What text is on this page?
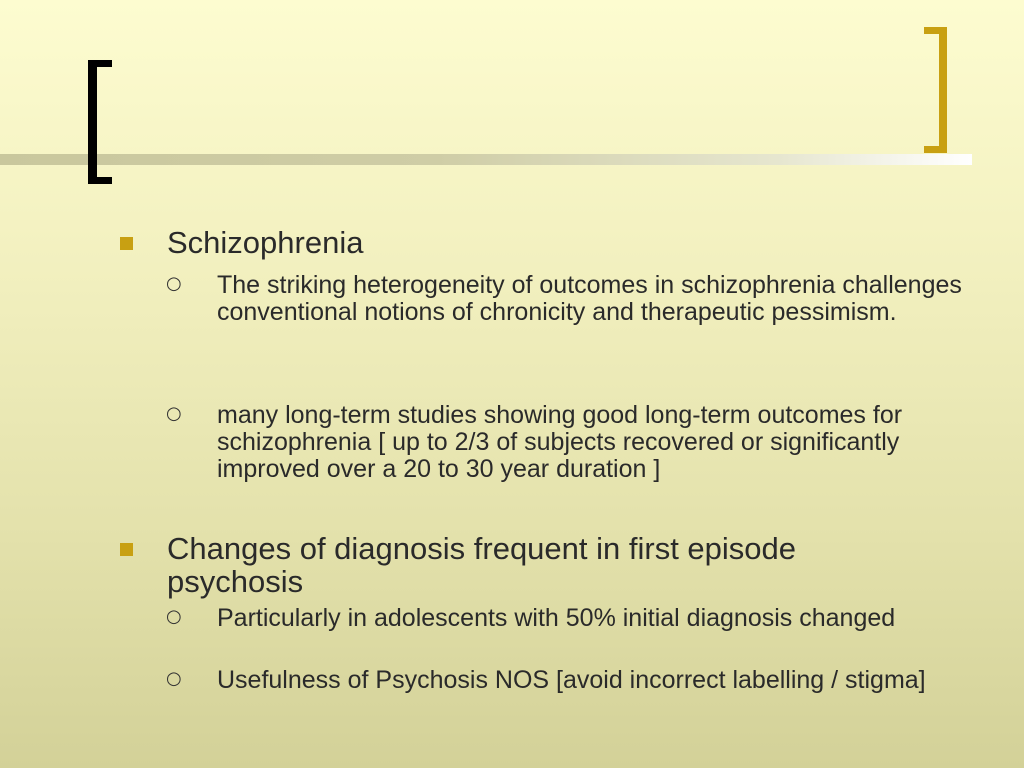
Schizophrenia
○ The striking heterogeneity of outcomes in schizophrenia challenges conventional notions of chronicity and therapeutic pessimism.
○ many long-term studies showing good long-term outcomes for schizophrenia [ up to 2/3 of subjects recovered or significantly improved over a 20 to 30 year duration ]
Changes of diagnosis frequent in first episode psychosis
○ Particularly in adolescents with 50% initial diagnosis changed
○ Usefulness of Psychosis NOS [avoid incorrect labelling / stigma]
